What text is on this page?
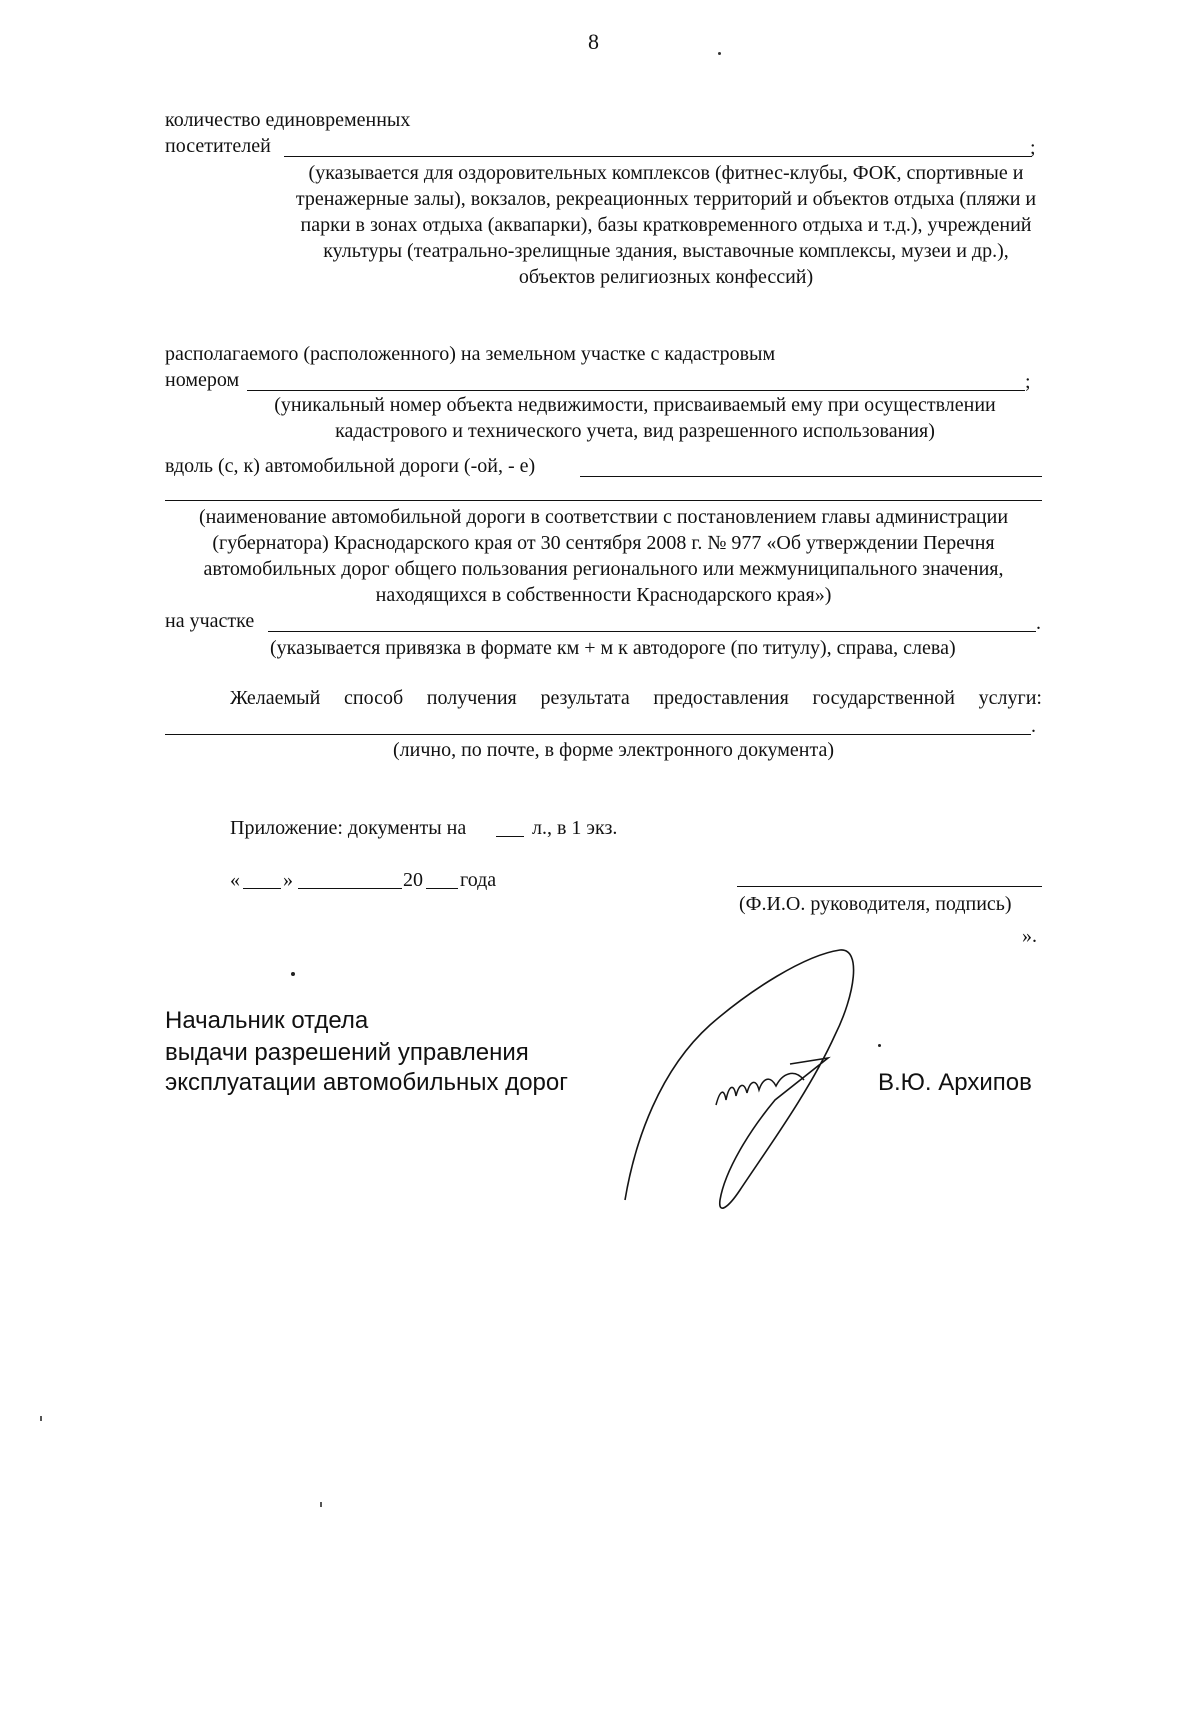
8
количество единовременных
посетителей	;
(указывается для оздоровительных комплексов (фитнес-клубы, ФОК, спортивные и тренажерные залы), вокзалов, рекреационных территорий и объектов отдыха (пляжи и парки в зонах отдыха (аквапарки), базы кратковременного отдыха и т.д.), учреждений культуры (театрально-зрелищные здания, выставочные комплексы, музеи и др.), объектов религиозных конфессий)
располагаемого (расположенного) на земельном участке с кадастровым
номером	;
(уникальный номер объекта недвижимости, присваиваемый ему при осуществлении кадастрового и технического учета, вид разрешенного использования)
вдоль (с, к) автомобильной дороги (-ой, - е)
(наименование автомобильной дороги в соответствии с постановлением главы администрации (губернатора) Краснодарского края от 30 сентября 2008 г. № 977 «Об утверждении Перечня автомобильных дорог общего пользования регионального или межмуниципального значения, находящихся в собственности Краснодарского края»)
на участке	.
(указывается привязка в формате км + м к автодороге (по титулу), справа, слева)
Желаемый способ получения результата предоставления государственной услуги:
.
(лично, по почте, в форме электронного документа)
Приложение: документы на	л., в 1 экз.
« »	20 года
(Ф.И.О. руководителя, подпись)
».
Начальник отдела
выдачи разрешений управления
эксплуатации автомобильных дорог	В.Ю. Архипов
